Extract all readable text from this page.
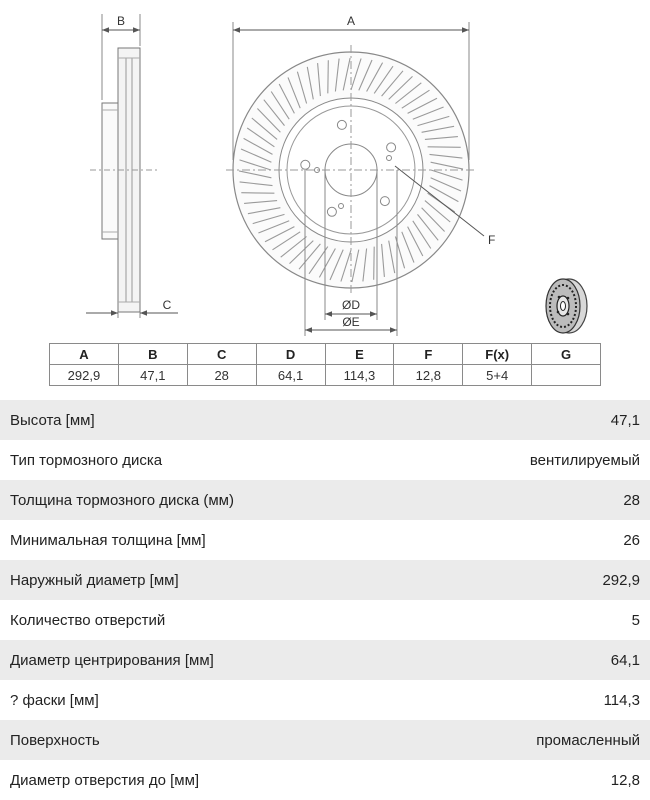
B
C
A
ØD
ØE
F
A	B	C	D	E	F	F(x)	G
292,9	47,1	28	64,1	114,3	12,8	5+4	
Высота [мм]	47,1
Тип тормозного диска	вентилируемый
Толщина тормозного диска (мм)	28
Минимальная толщина [мм]	26
Наружный диаметр [мм]	292,9
Количество отверстий	5
Диаметр центрирования [мм]	64,1
? фаски [мм]	114,3
Поверхность	промасленный
Диаметр отверстия до [мм]	12,8
